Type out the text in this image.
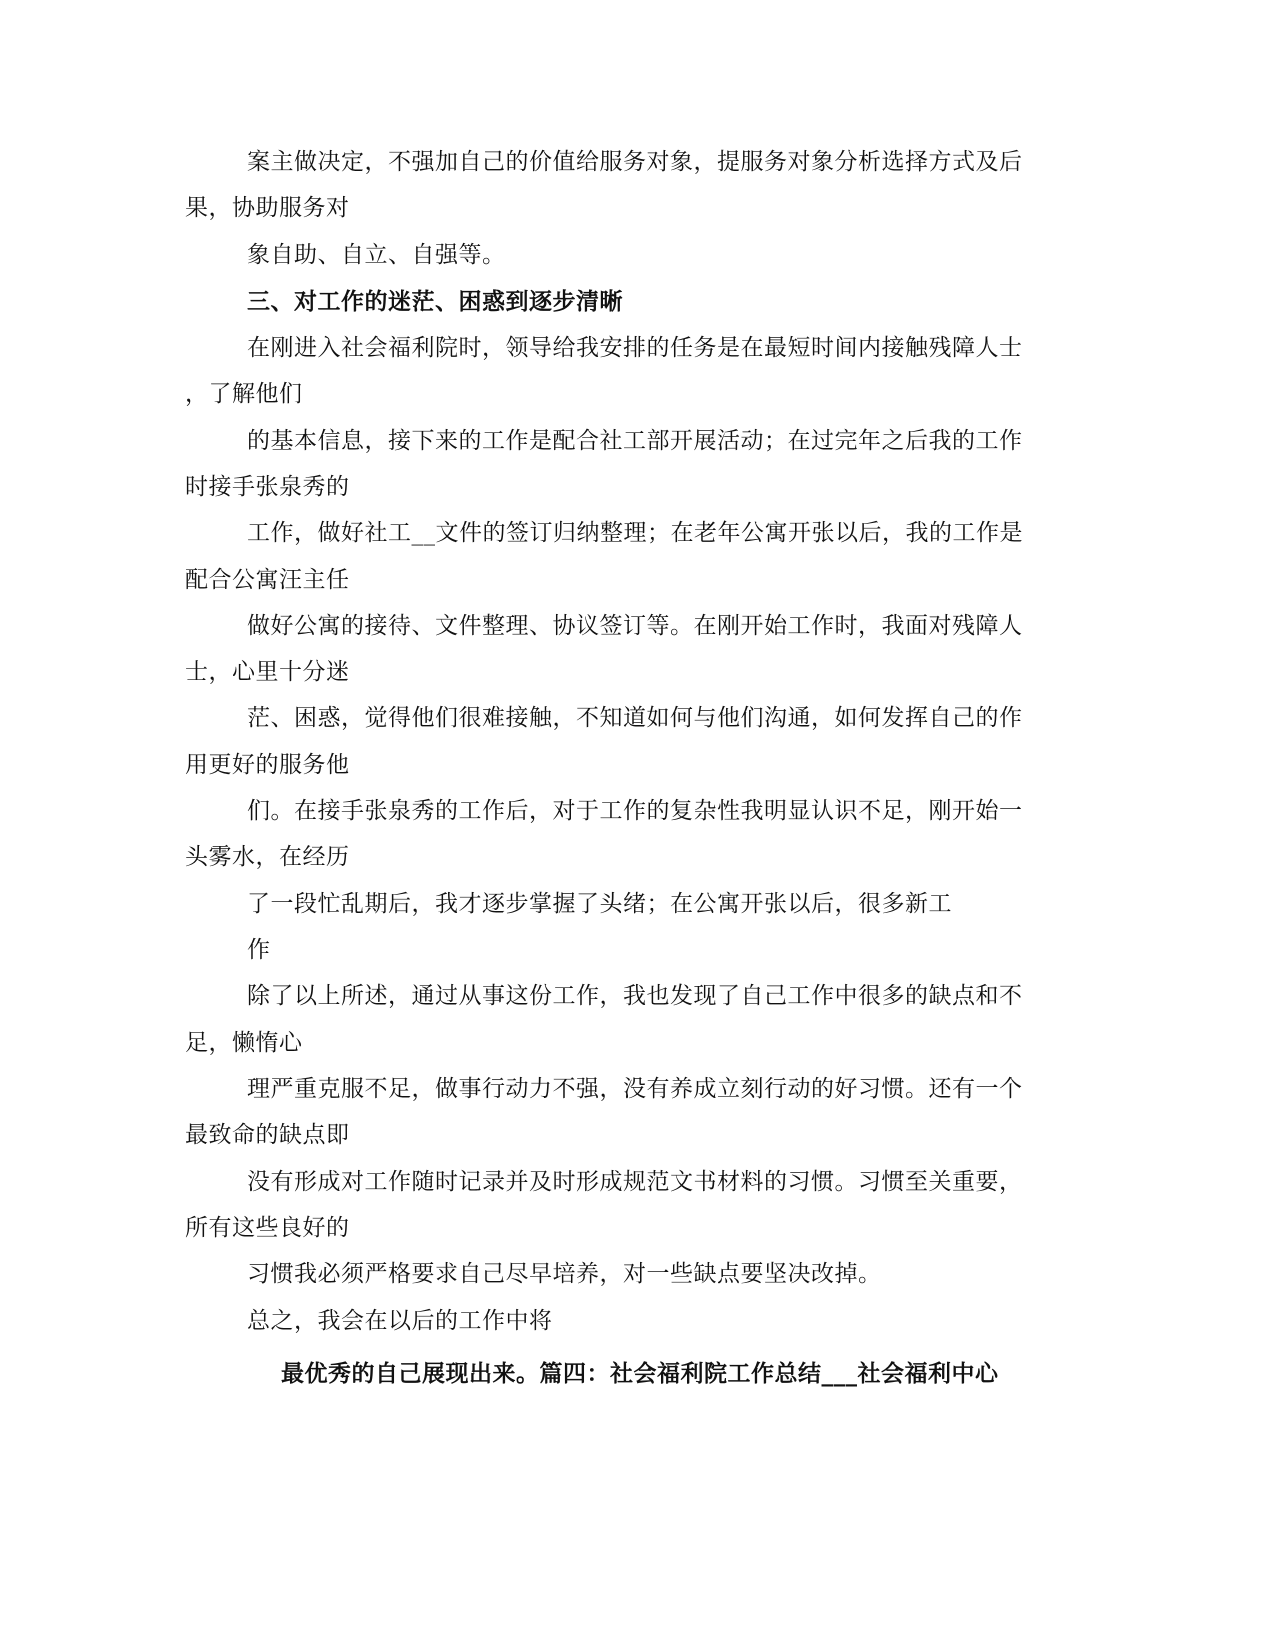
案主做决定，不强加自己的价值给服务对象，提服务对象分析选择方式及后
果，协助服务对
象自助、自立、自强等。
三、对工作的迷茫、困惑到逐步清晰
在刚进入社会福利院时，领导给我安排的任务是在最短时间内接触残障人士
，了解他们
的基本信息，接下来的工作是配合社工部开展活动；在过完年之后我的工作
时接手张泉秀的
工作，做好社工__文件的签订归纳整理；在老年公寓开张以后，我的工作是
配合公寓汪主任
做好公寓的接待、文件整理、协议签订等。在刚开始工作时，我面对残障人
士，心里十分迷
茫、困惑，觉得他们很难接触，不知道如何与他们沟通，如何发挥自己的作
用更好的服务他
们。在接手张泉秀的工作后，对于工作的复杂性我明显认识不足，刚开始一
头雾水，在经历
了一段忙乱期后，我才逐步掌握了头绪；在公寓开张以后，很多新工
作
除了以上所述，通过从事这份工作，我也发现了自己工作中很多的缺点和不
足，懒惰心
理严重克服不足，做事行动力不强，没有养成立刻行动的好习惯。还有一个
最致命的缺点即
没有形成对工作随时记录并及时形成规范文书材料的习惯。习惯至关重要，
所有这些良好的
习惯我必须严格要求自己尽早培养，对一些缺点要坚决改掉。
总之，我会在以后的工作中将
最优秀的自己展现出来。篇四：社会福利院工作总结___社会福利中心
